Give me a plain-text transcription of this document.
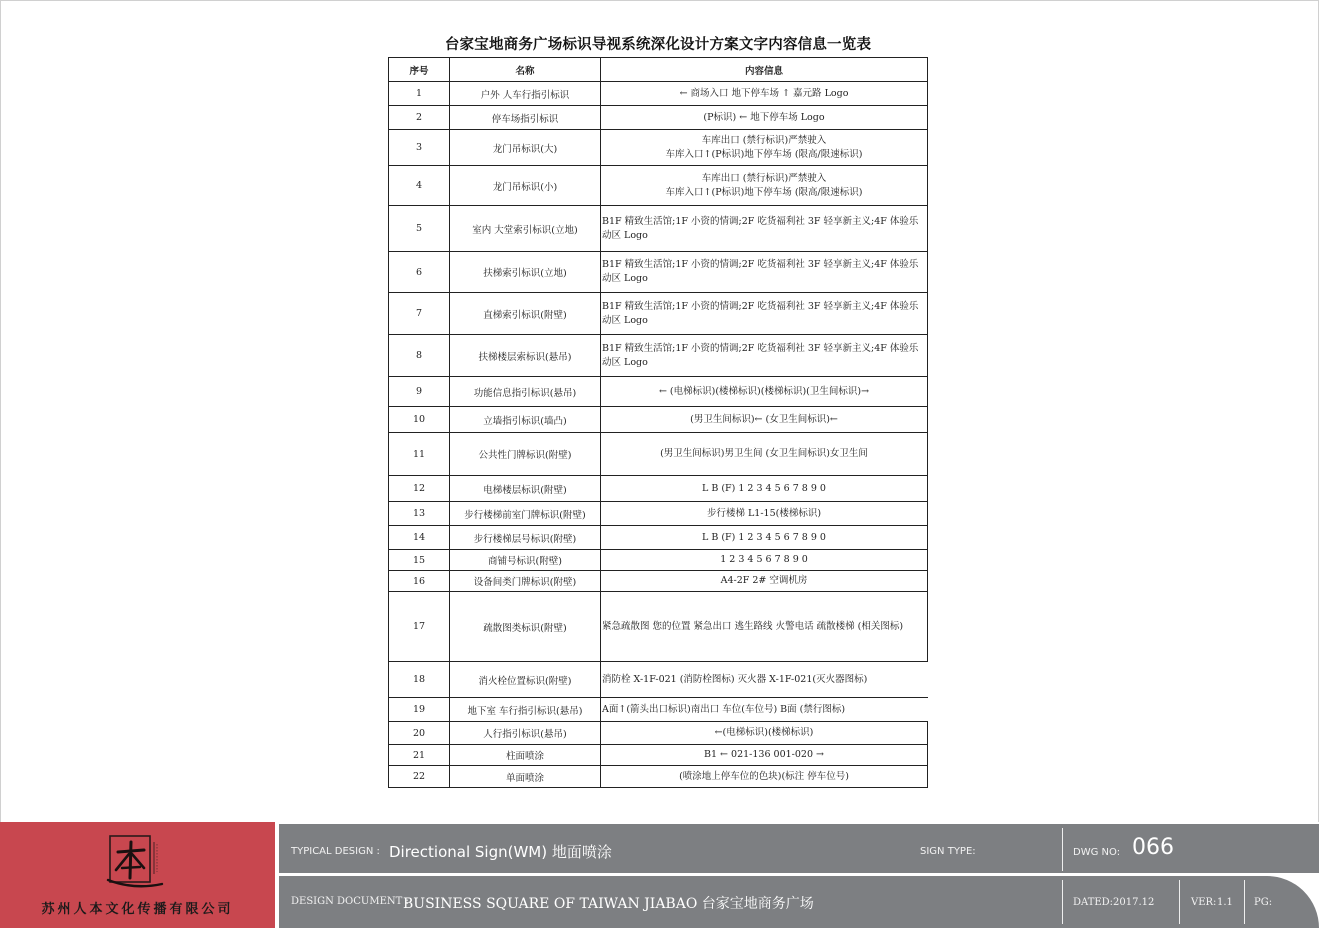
台家宝地商务广场标识导视系统深化设计方案文字内容信息一览表
序号	名称	内容信息
1	户外 人车行指引标识	← 商场入口 地下停车场 ↑ 嘉元路 Logo
2	停车场指引标识	(P标识) ← 地下停车场 Logo
3	龙门吊标识(大)	车库出口 (禁行标识)严禁驶入
车库入口↑(P标识)地下停车场 (限高/限速标识)
4	龙门吊标识(小)	车库出口 (禁行标识)严禁驶入
车库入口↑(P标识)地下停车场 (限高/限速标识)
5	室内 大堂索引标识(立地)	B1F 精致生活馆;1F 小资的情调;2F 吃货福利社 3F 轻享新主义;4F 体验乐动区 Logo
6	扶梯索引标识(立地)	B1F 精致生活馆;1F 小资的情调;2F 吃货福利社 3F 轻享新主义;4F 体验乐动区 Logo
7	直梯索引标识(附壁)	B1F 精致生活馆;1F 小资的情调;2F 吃货福利社 3F 轻享新主义;4F 体验乐动区 Logo
8	扶梯楼层索标识(悬吊)	B1F 精致生活馆;1F 小资的情调;2F 吃货福利社 3F 轻享新主义;4F 体验乐动区 Logo
9	功能信息指引标识(悬吊)	← (电梯标识)(楼梯标识)(楼梯标识)(卫生间标识)→
10	立墙指引标识(墙凸)	(男卫生间标识)← (女卫生间标识)←
11	公共性门牌标识(附壁)	(男卫生间标识)男卫生间 (女卫生间标识)女卫生间
12	电梯楼层标识(附壁)	L B (F) 1 2 3 4 5 6 7 8 9 0
13	步行楼梯前室门牌标识(附壁)	步行楼梯 L1-15(楼梯标识)
14	步行楼梯层号标识(附壁)	L B (F) 1 2 3 4 5 6 7 8 9 0
15	商铺号标识(附壁)	1 2 3 4 5 6 7 8 9 0
16	设备间类门牌标识(附壁)	A4-2F 2# 空调机房
17	疏散图类标识(附壁)	紧急疏散图 您的位置 紧急出口 逃生路线 火警电话 疏散楼梯 (相关图标)
18	消火栓位置标识(附壁)	消防栓 X-1F-021 (消防栓图标) 灭火器 X-1F-021(灭火器图标)
19	地下室 车行指引标识(悬吊)	A面↑(箭头出口标识)南出口 车位(车位号) B面 (禁行图标)
20	人行指引标识(悬吊)	←(电梯标识)(楼梯标识)
21	柱面喷涂	B1 ← 021-136 001-020 →
22	单面喷涂	(喷涂地上停车位的色块)(标注 停车位号)
苏州人本文化传播有限公司
TYPICAL DESIGN : Directional Sign(WM) 地面喷涂	SIGN TYPE:	DWG NO: 066
DESIGN DOCUMENT :
BUSINESS SQUARE OF TAIWAN JIABAO 台家宝地商务广场	DATED: 2017.12	VER: 1.1 PG:
